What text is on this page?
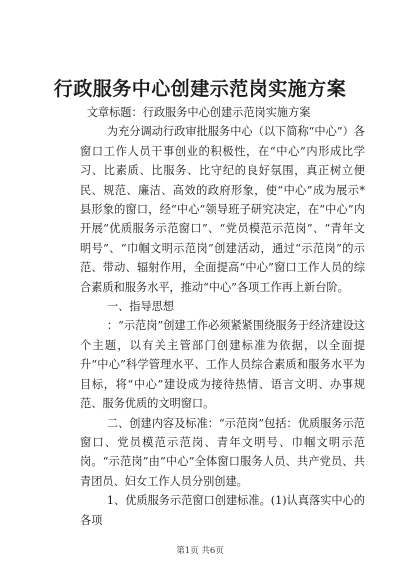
行政服务中心创建示范岗实施方案

文章标题：行政服务中心创建示范岗实施方案

为充分调动行政审批服务中心（以下简称“中心”）各窗口工作人员干事创业的积极性，在“中心”内形成比学习、比素质、比服务、比守纪的良好氛围，真正树立便民、规范、廉洁、高效的政府形象，使“中心”成为展示*县形象的窗口，经“中心”领导班子研究决定，在“中心”内开展“优质服务示范窗口”、“党员模范示范岗”、“青年文明号”、“巾帼文明示范岗”创建活动，通过“示范岗”的示范、带动、辐射作用，全面提高“中心”窗口工作人员的综合素质和服务水平，推动“中心”各项工作再上新台阶。

一、指导思想

：“示范岗”创建工作必须紧紧围绕服务于经济建设这个主题，以有关主管部门创建标准为依据，以全面提升“中心”科学管理水平、工作人员综合素质和服务水平为目标，将“中心”建设成为接待热情、语言文明、办事规范、服务优质的文明窗口。

二、创建内容及标准：“示范岗”包括：优质服务示范窗口、党员模范示范岗、青年文明号、巾帼文明示范岗。“示范岗”由“中心”全体窗口服务人员、共产党员、共青团员、妇女工作人员分别创建。

1、优质服务示范窗口创建标准。(1)认真落实中心的各项

第1页 共6页
